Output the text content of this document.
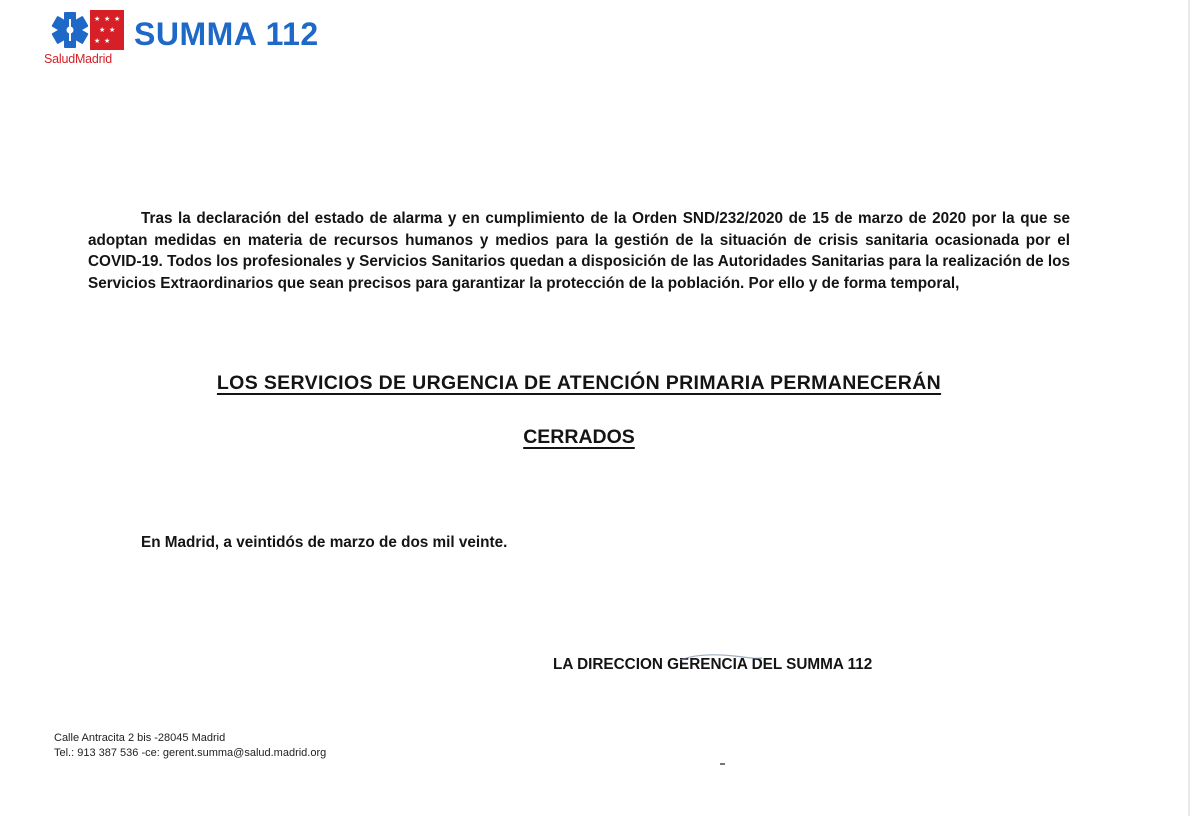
★ ★ ★
★ ★
★ ★ SUMMA 112
SaludMadrid

Tras la declaración del estado de alarma y en cumplimiento de la Orden SND/232/2020 de 15 de marzo de 2020 por la que se adoptan medidas en materia de recursos humanos y medios para la gestión de la situación de crisis sanitaria ocasionada por el COVID-19. Todos los profesionales y Servicios Sanitarios quedan a disposición de las Autoridades Sanitarias para la realización de los Servicios Extraordinarios que sean precisos para garantizar la protección de la población. Por ello y de forma temporal,

LOS SERVICIOS DE URGENCIA DE ATENCIÓN PRIMARIA PERMANECERÁN
CERRADOS
En Madrid, a veintidós de marzo de dos mil veinte.
LA DIRECCION GERENCIA DEL SUMMA 112
Calle Antracita 2 bis -28045 Madrid
Tel.: 913 387 536 -ce: gerent.summa@salud.madrid.org
